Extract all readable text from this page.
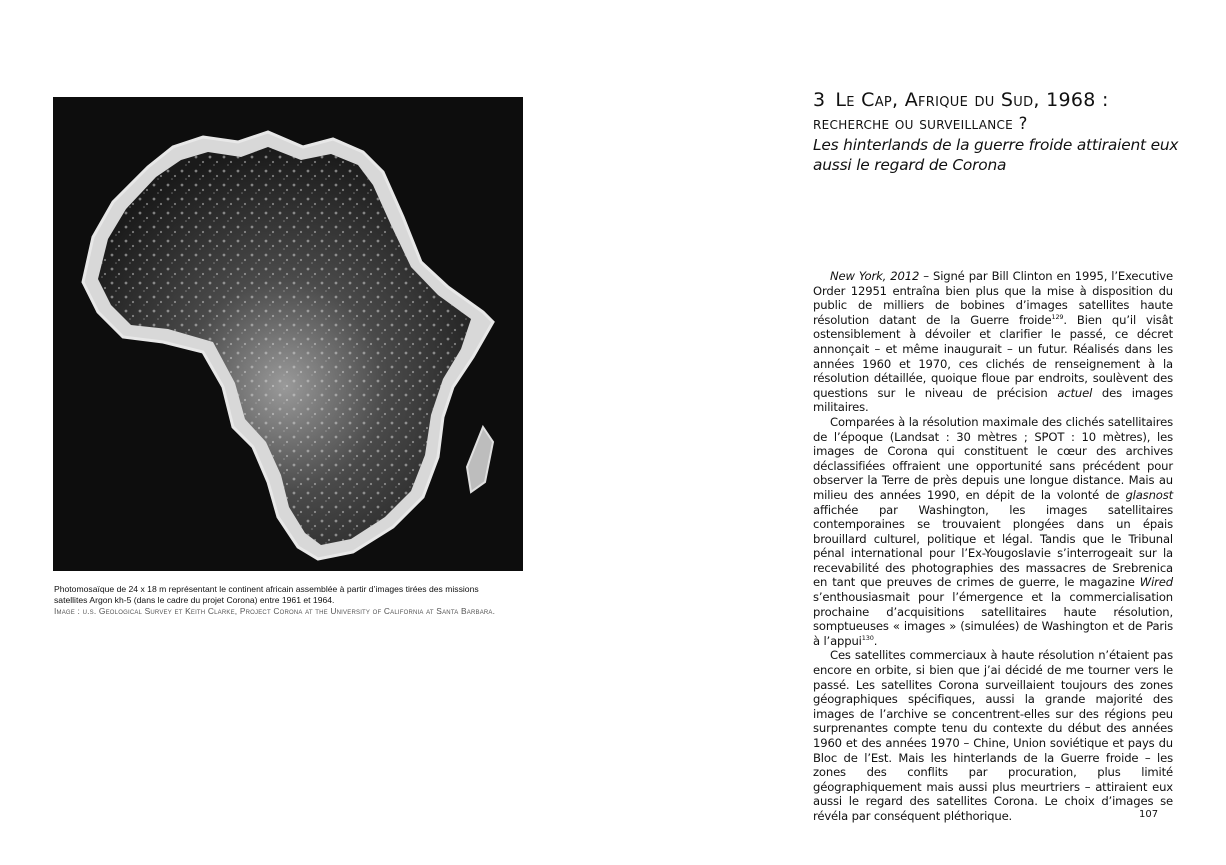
Photomosaïque de 24 x 18 m représentant le continent africain assemblée à partir d’images tirées des missions satellites Argon kh-5 (dans le cadre du projet Corona) entre 1961 et 1964.
Image : u.s. Geological Survey et Keith Clarke, Project Corona at the University of California at Santa Barbara.
3 Le Cap, Afrique du Sud, 1968 :
recherche ou surveillance ?
Les hinterlands de la guerre froide attiraient eux aussi le regard de Corona

New York, 2012 – Signé par Bill Clinton en 1995, l’Executive Order 12951 entraîna bien plus que la mise à disposition du public de milliers de bobines d’images satellites haute résolution datant de la Guerre froide$^{129}$. Bien qu’il visât ostensiblement à dévoiler et clarifier le passé, ce décret annonçait – et même inaugurait – un futur. Réalisés dans les années 1960 et 1970, ces clichés de renseignement à la résolution détaillée, quoique floue par endroits, soulèvent des questions sur le niveau de précision actuel des images militaires.

Comparées à la résolution maximale des clichés satellitaires de l’époque (Landsat : 30 mètres ; SPOT : 10 mètres), les images de Corona qui constituent le cœur des archives déclassifiées offraient une opportunité sans précédent pour observer la Terre de près depuis une longue distance. Mais au milieu des années 1990, en dépit de la volonté de glasnost affichée par Washington, les images satellitaires contemporaines se trouvaient plongées dans un épais brouillard culturel, politique et légal. Tandis que le Tribunal pénal international pour l’Ex-Yougoslavie s’interrogeait sur la recevabilité des photographies des massacres de Srebrenica en tant que preuves de crimes de guerre, le magazine Wired s’enthousiasmait pour l’émergence et la commercialisation prochaine d’acquisitions satellitaires haute résolution, somptueuses « images » (simulées) de Washington et de Paris à l’appui$^{130}$.

Ces satellites commerciaux à haute résolution n’étaient pas encore en orbite, si bien que j’ai décidé de me tourner vers le passé. Les satellites Corona surveillaient toujours des zones géographiques spécifiques, aussi la grande majorité des images de l’archive se concentrent-elles sur des régions peu surprenantes compte tenu du contexte du début des années 1960 et des années 1970 – Chine, Union soviétique et pays du Bloc de l’Est. Mais les hinterlands de la Guerre froide – les zones des conflits par procuration, plus limité géographiquement mais aussi plus meurtriers – attiraient eux aussi le regard des satellites Corona. Le choix d’images se révéla par conséquent pléthorique.	107
